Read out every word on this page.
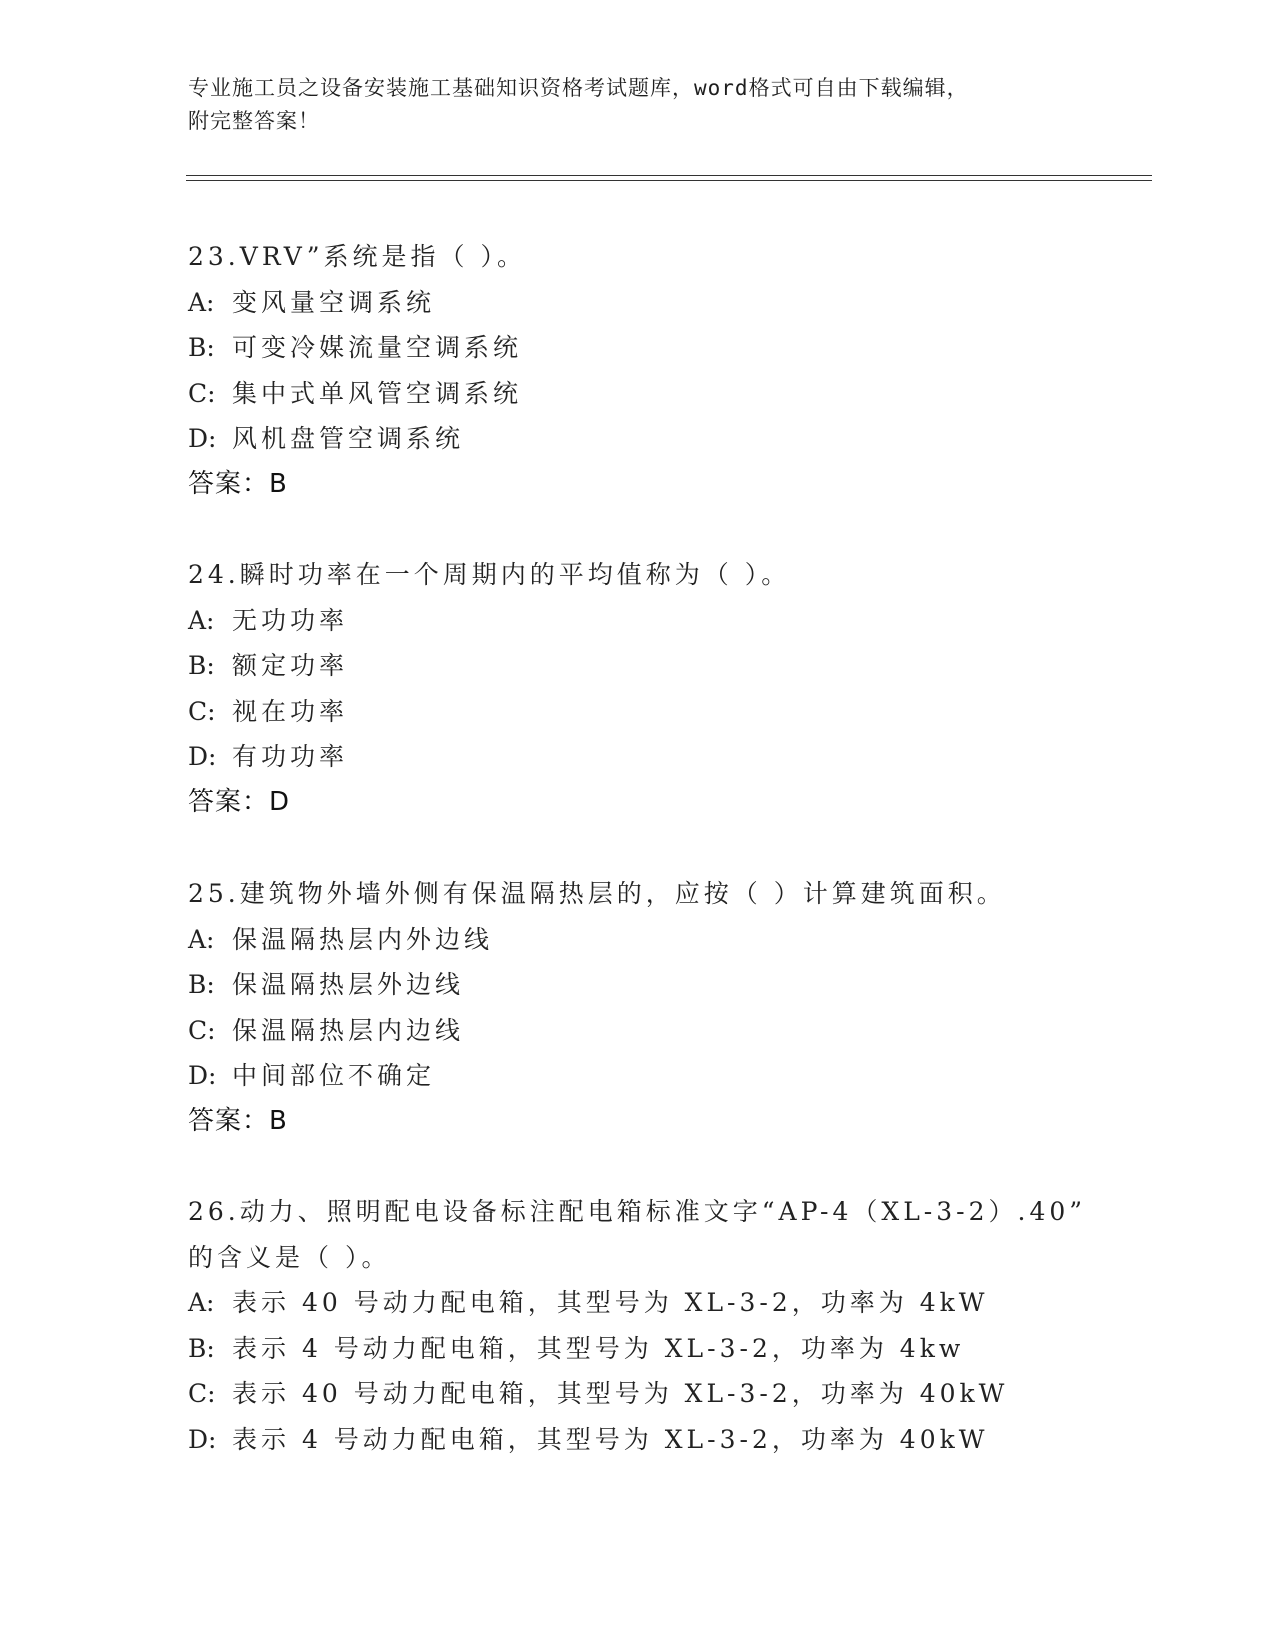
专业施工员之设备安装施工基础知识资格考试题库，word格式可自由下载编辑，
附完整答案！
23.VRV”系统是指（ ）。
A: 变风量空调系统
B: 可变冷媒流量空调系统
C: 集中式单风管空调系统
D: 风机盘管空调系统
答案：B
24.瞬时功率在一个周期内的平均值称为（ ）。
A: 无功功率
B: 额定功率
C: 视在功率
D: 有功功率
答案：D
25.建筑物外墙外侧有保温隔热层的，应按（ ）计算建筑面积。
A: 保温隔热层内外边线
B: 保温隔热层外边线
C: 保温隔热层内边线
D: 中间部位不确定
答案：B
26.动力、照明配电设备标注配电箱标准文字“AP-4（XL-3-2）.40”
的含义是（ ）。
A: 表示 40 号动力配电箱，其型号为 XL-3-2，功率为 4kW
B: 表示 4 号动力配电箱，其型号为 XL-3-2，功率为 4kw
C: 表示 40 号动力配电箱，其型号为 XL-3-2，功率为 40kW
D: 表示 4 号动力配电箱，其型号为 XL-3-2，功率为 40kW
